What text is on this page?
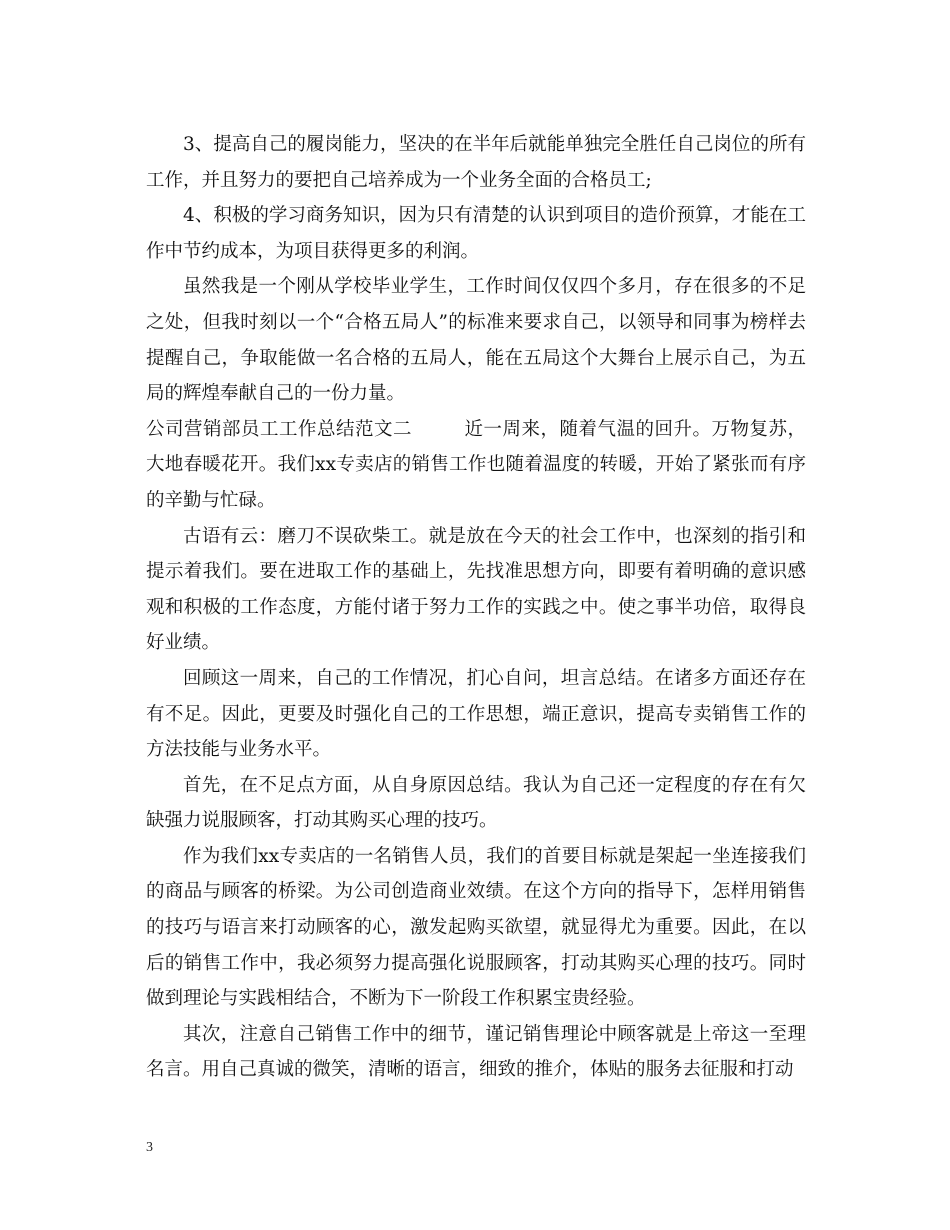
3、提高自己的履岗能力，坚决的在半年后就能单独完全胜任自己岗位的所有工作，并且努力的要把自己培养成为一个业务全面的合格员工;

4、积极的学习商务知识，因为只有清楚的认识到项目的造价预算，才能在工作中节约成本，为项目获得更多的利润。

虽然我是一个刚从学校毕业学生，工作时间仅仅四个多月，存在很多的不足之处，但我时刻以一个“合格五局人”的标准来要求自己，以领导和同事为榜样去提醒自己，争取能做一名合格的五局人，能在五局这个大舞台上展示自己，为五局的辉煌奉献自己的一份力量。

公司营销部员工工作总结范文二	近一周来，随着气温的回升。万物复苏，大地春暖花开。我们xx专卖店的销售工作也随着温度的转暖，开始了紧张而有序的辛勤与忙碌。

古语有云：磨刀不误砍柴工。就是放在今天的社会工作中，也深刻的指引和提示着我们。要在进取工作的基础上，先找准思想方向，即要有着明确的意识感观和积极的工作态度，方能付诸于努力工作的实践之中。使之事半功倍，取得良好业绩。

回顾这一周来，自己的工作情况，扪心自问，坦言总结。在诸多方面还存在有不足。因此，更要及时强化自己的工作思想，端正意识，提高专卖销售工作的方法技能与业务水平。

首先，在不足点方面，从自身原因总结。我认为自己还一定程度的存在有欠缺强力说服顾客，打动其购买心理的技巧。

作为我们xx专卖店的一名销售人员，我们的首要目标就是架起一坐连接我们的商品与顾客的桥梁。为公司创造商业效绩。在这个方向的指导下，怎样用销售的技巧与语言来打动顾客的心，激发起购买欲望，就显得尤为重要。因此，在以后的销售工作中，我必须努力提高强化说服顾客，打动其购买心理的技巧。同时做到理论与实践相结合，不断为下一阶段工作积累宝贵经验。

其次，注意自己销售工作中的细节，谨记销售理论中顾客就是上帝这一至理名言。用自己真诚的微笑，清晰的语言，细致的推介，体贴的服务去征服和打动

3
